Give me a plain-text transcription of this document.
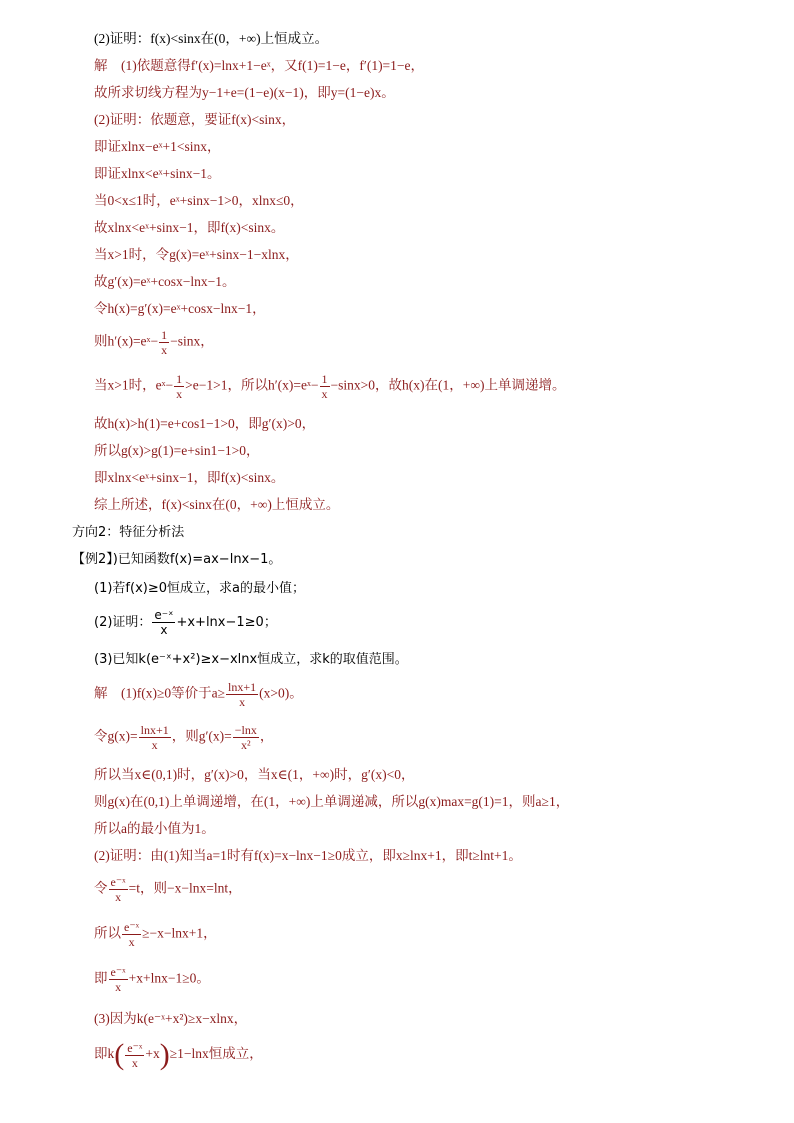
(2)证明：f(x)<sinx在(0，+∞)上恒成立。
解　(1)依题意得f′(x)=lnx+1−eˣ，又f(1)=1−e，f′(1)=1−e，
故所求切线方程为y−1+e=(1−e)(x−1)，即y=(1−e)x。
(2)证明：依题意，要证f(x)<sinx，
即证xlnx−eˣ+1<sinx，
即证xlnx<eˣ+sinx−1。
当0<x≤1时，eˣ+sinx−1>0，xlnx≤0，
故xlnx<eˣ+sinx−1，即f(x)<sinx。
当x>1时，令g(x)=eˣ+sinx−1−xlnx，
故g′(x)=eˣ+cosx−lnx−1。
令h(x)=g′(x)=eˣ+cosx−lnx−1，
则h′(x)=eˣ− $\frac{1}{x} -\sin x$，
当x>1时，eˣ− $\frac{1}{x} >e-1>1$，所以h′(x)=eˣ− $\frac{1}{x} -\sin x>0$，故h(x)在(1，+∞)上单调递增。
故h(x)>h(1)=e+cos1−1>0，即g′(x)>0，
所以g(x)>g(1)=e+sin1−1>0，
即xlnx<eˣ+sinx−1，即f(x)<sinx。
综上所述，f(x)<sinx在(0，+∞)上恒成立。
方向2：特征分析法
【例2】)已知函数f(x)=ax−lnx−1。
(1)若f(x)≥0恒成立，求a的最小值；
(2)证明： $\frac{\text{e⁻ˣ}}{x} +x+\ln x-1\ge 0$；
(3)已知k(e⁻ˣ+x²)≥x−xlnx恒成立，求k的取值范围。
解　(1)f(x)≥0等价于$a\ge \frac{\ln x+1}{x} (x>0)$。
令$g(x)= \frac{\ln x+1}{x}$ ，则$g'(x)= \frac{-\ln x}{\text{x²}}$ ，
所以当x∈(0,1)时，g′(x)>0，当x∈(1，+∞)时，g′(x)<0，
则g(x)在(0,1)上单调递增，在(1，+∞)上单调递减，所以g(x)max=g(1)=1，则a≥1，
所以a的最小值为1。
(2)证明：由(1)知当a=1时有f(x)=x−lnx−1≥0成立，即x≥lnx+1，即t≥lnt+1。
令 $\frac{\text{e⁻ˣ}}{x} =t$，则−x−lnx=lnt，
所以 $\frac{\text{e⁻ˣ}}{x} \ge-x-\ln x+1$，
即 $\frac{\text{e⁻ˣ}}{x} +x+\ln x-1\ge 0$。
(3)因为k(e⁻ˣ+x²)≥x−xlnx，
即$k( \frac{\text{e⁻ˣ}}{x} +x)\ge 1-\ln x$恒成立，
